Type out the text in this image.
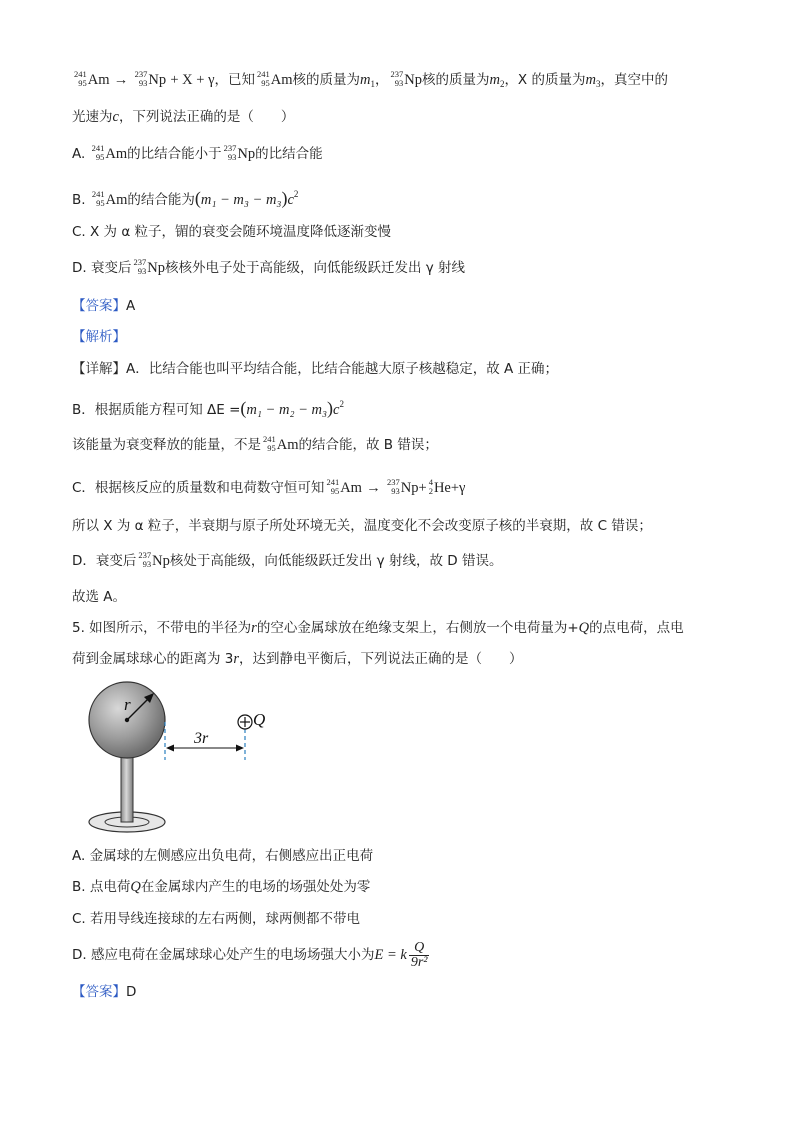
241
95 Am → 237
93 Np + X + γ，已知 241
95 Am核的质量为$m_1$， 237
93 Np核的质量为$m_2$，X 的质量为$m_3$，真空中的
光速为c，下列说法正确的是（　　）
A. 241
95 Am的比结合能小于 237
93 Np的比结合能
B. 241
95 Am的结合能为$(m_1 - m_3 - m_3)c^2$
C. X 为 α 粒子，镅的衰变会随环境温度降低逐渐变慢
D. 衰变后 237
93 Np核核外电子处于高能级，向低能级跃迁发出 γ 射线
【答案】A
【解析】
【详解】A．比结合能也叫平均结合能，比结合能越大原子核越稳定，故 A 正确；
B．根据质能方程可知 $\Delta E =(m_1 - m_2 - m_3)c^2$
该能量为衰变释放的能量，不是 241
95 Am的结合能，故 B 错误；
C．根据核反应的质量数和电荷数守恒可知 241
95 Am → 237
93 Np+ 4
2 He+γ
所以 X 为 α 粒子，半衰期与原子所处环境无关，温度变化不会改变原子核的半衰期，故 C 错误；
D．衰变后 237
93 Np核处于高能级，向低能级跃迁发出 γ 射线，故 D 错误。
故选 A。
5. 如图所示，不带电的半径为r的空心金属球放在绝缘支架上，右侧放一个电荷量为+Q的点电荷，点电
荷到金属球球心的距离为 3r，达到静电平衡后，下列说法正确的是（　　）
r
3r
Q
A. 金属球的左侧感应出负电荷，右侧感应出正电荷
B. 点电荷Q在金属球内产生的电场的场强处处为零
C. 若用导线连接球的左右两侧，球两侧都不带电
D. 感应电荷在金属球球心处产生的电场场强大小为E = k $\frac{Q}{\text{9r²}}$
【答案】D
